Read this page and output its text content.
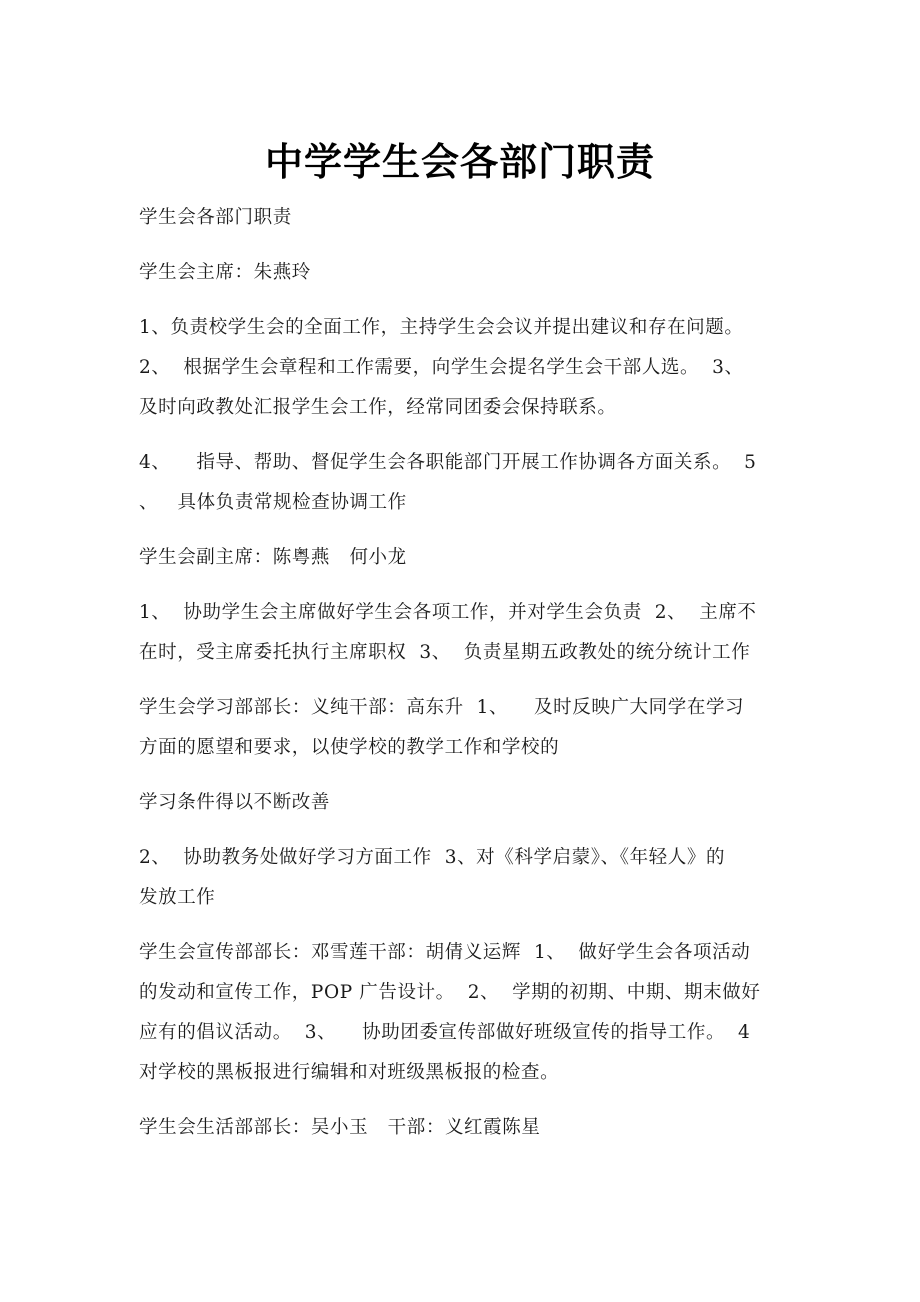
中学学生会各部门职责
学生会各部门职责
学生会主席：朱燕玲
1、负责校学生会的全面工作，主持学生会会议并提出建议和存在问题。
2、  根据学生会章程和工作需要，向学生会提名学生会干部人选。  3、
及时向政教处汇报学生会工作，经常同团委会保持联系。
4、    指导、帮助、督促学生会各职能部门开展工作协调各方面关系。  5
、   具体负责常规检查协调工作
学生会副主席：陈粤燕   何小龙
1、  协助学生会主席做好学生会各项工作，并对学生会负责  2、  主席不
在时，受主席委托执行主席职权  3、  负责星期五政教处的统分统计工作
学生会学习部部长：义纯干部：高东升  1、    及时反映广大同学在学习
方面的愿望和要求，以使学校的教学工作和学校的
学习条件得以不断改善
2、  协助教务处做好学习方面工作  3、对《科学启蒙》、《年轻人》的
发放工作
学生会宣传部部长：邓雪莲干部：胡倩义运辉  1、  做好学生会各项活动
的发动和宣传工作，POP 广告设计。  2、  学期的初期、中期、期末做好
应有的倡议活动。  3、    协助团委宣传部做好班级宣传的指导工作。  4
对学校的黑板报进行编辑和对班级黑板报的检查。
学生会生活部部长：吴小玉   干部：义红霞陈星
